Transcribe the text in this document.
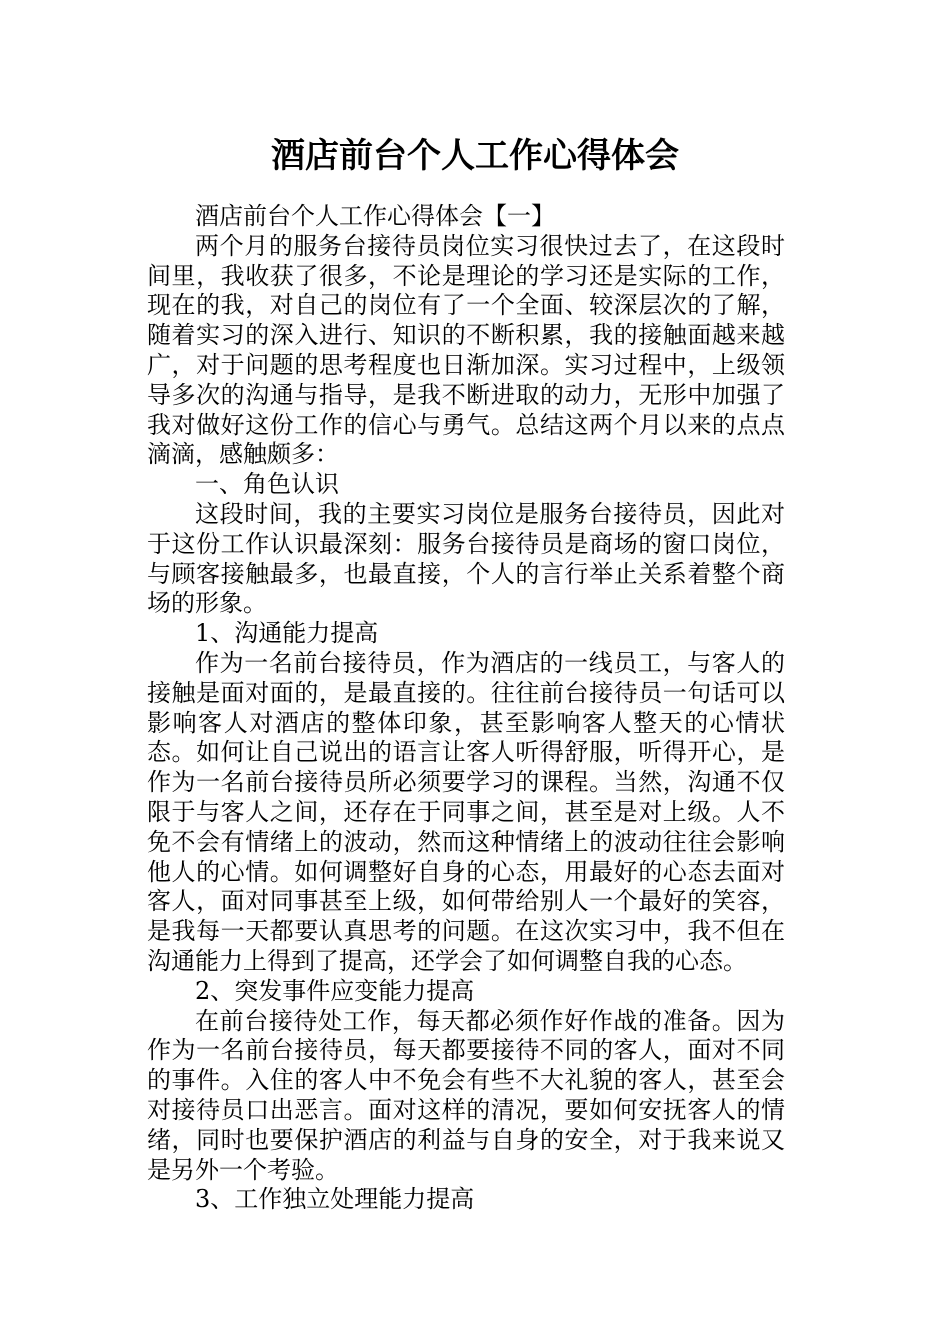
酒店前台个人工作心得体会

酒店前台个人工作心得体会【一】

两个月的服务台接待员岗位实习很快过去了，在这段时间里，我收获了很多，不论是理论的学习还是实际的工作，现在的我，对自己的岗位有了一个全面、较深层次的了解，随着实习的深入进行、知识的不断积累，我的接触面越来越广，对于问题的思考程度也日渐加深。实习过程中，上级领导多次的沟通与指导，是我不断进取的动力，无形中加强了我对做好这份工作的信心与勇气。总结这两个月以来的点点滴滴，感触颇多：

一、角色认识

这段时间，我的主要实习岗位是服务台接待员，因此对于这份工作认识最深刻：服务台接待员是商场的窗口岗位，与顾客接触最多，也最直接，个人的言行举止关系着整个商场的形象。

1、沟通能力提高

作为一名前台接待员，作为酒店的一线员工，与客人的接触是面对面的，是最直接的。往往前台接待员一句话可以影响客人对酒店的整体印象，甚至影响客人整天的心情状态。如何让自己说出的语言让客人听得舒服，听得开心，是作为一名前台接待员所必须要学习的课程。当然，沟通不仅限于与客人之间，还存在于同事之间，甚至是对上级。人不免不会有情绪上的波动，然而这种情绪上的波动往往会影响他人的心情。如何调整好自身的心态，用最好的心态去面对客人，面对同事甚至上级，如何带给别人一个最好的笑容，是我每一天都要认真思考的问题。在这次实习中，我不但在沟通能力上得到了提高，还学会了如何调整自我的心态。

2、突发事件应变能力提高

在前台接待处工作，每天都必须作好作战的准备。因为作为一名前台接待员，每天都要接待不同的客人，面对不同的事件。入住的客人中不免会有些不大礼貌的客人，甚至会对接待员口出恶言。面对这样的清况，要如何安抚客人的情绪，同时也要保护酒店的利益与自身的安全，对于我来说又是另外一个考验。

3、工作独立处理能力提高
